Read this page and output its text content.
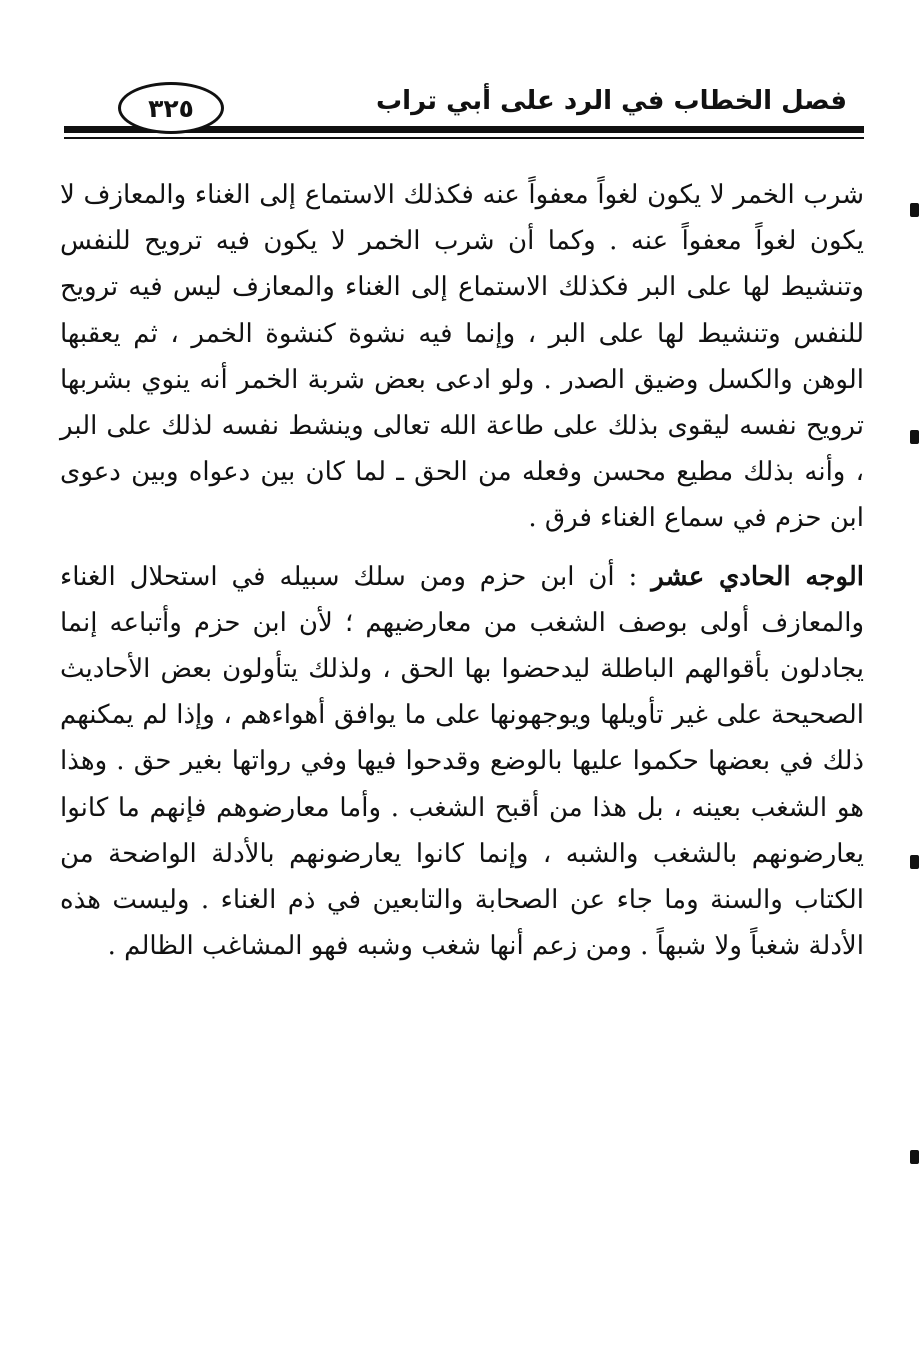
فصل الخطاب في الرد على أبي تراب
٣٢٥

شرب الخمر لا يكون لغواً معفواً عنه فكذلك الاستماع إلى الغناء والمعازف لا يكون لغواً معفواً عنه . وكما أن شرب الخمر لا يكون فيه ترويح للنفس وتنشيط لها على البر فكذلك الاستماع إلى الغناء والمعازف ليس فيه ترويح للنفس وتنشيط لها على البر ، وإنما فيه نشوة كنشوة الخمر ، ثم يعقبها الوهن والكسل وضيق الصدر . ولو ادعى بعض شربة الخمر أنه ينوي بشربها ترويح نفسه ليقوى بذلك على طاعة الله تعالى وينشط نفسه لذلك على البر ، وأنه بذلك مطيع محسن وفعله من الحق ـ لما كان بين دعواه وبين دعوى ابن حزم في سماع الغناء فرق .

الوجه الحادي عشر : أن ابن حزم ومن سلك سبيله في استحلال الغناء والمعازف أولى بوصف الشغب من معارضيهم ؛ لأن ابن حزم وأتباعه إنما يجادلون بأقوالهم الباطلة ليدحضوا بها الحق ، ولذلك يتأولون بعض الأحاديث الصحيحة على غير تأويلها ويوجهونها على ما يوافق أهواءهم ، وإذا لم يمكنهم ذلك في بعضها حكموا عليها بالوضع وقدحوا فيها وفي رواتها بغير حق . وهذا هو الشغب بعينه ، بل هذا من أقبح الشغب . وأما معارضوهم فإنهم ما كانوا يعارضونهم بالشغب والشبه ، وإنما كانوا يعارضونهم بالأدلة الواضحة من الكتاب والسنة وما جاء عن الصحابة والتابعين في ذم الغناء . وليست هذه الأدلة شغباً ولا شبهاً . ومن زعم أنها شغب وشبه فهو المشاغب الظالم .
